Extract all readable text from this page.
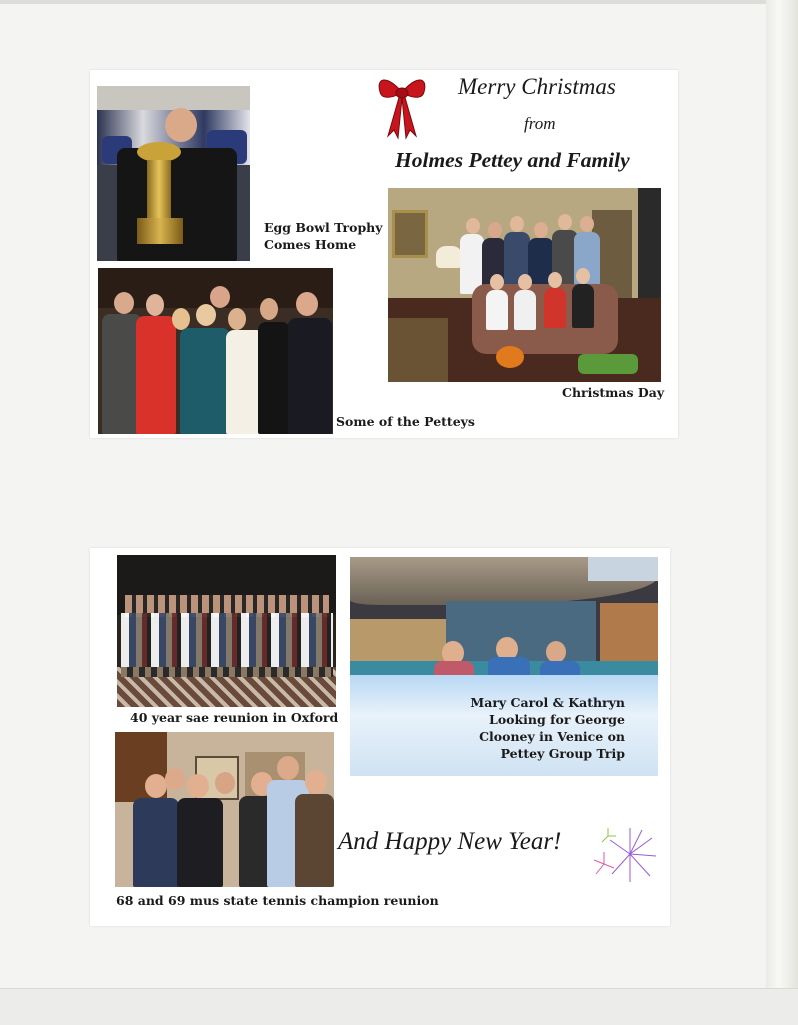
Egg Bowl Trophy
Comes Home
Some of the Petteys
Merry Christmas
from
Holmes Pettey and Family
Christmas Day
40 year sae reunion in Oxford
Mary Carol & Kathryn
Looking for George
Clooney in Venice on
Pettey Group Trip
68 and 69 mus state tennis champion reunion
And Happy New Year!
